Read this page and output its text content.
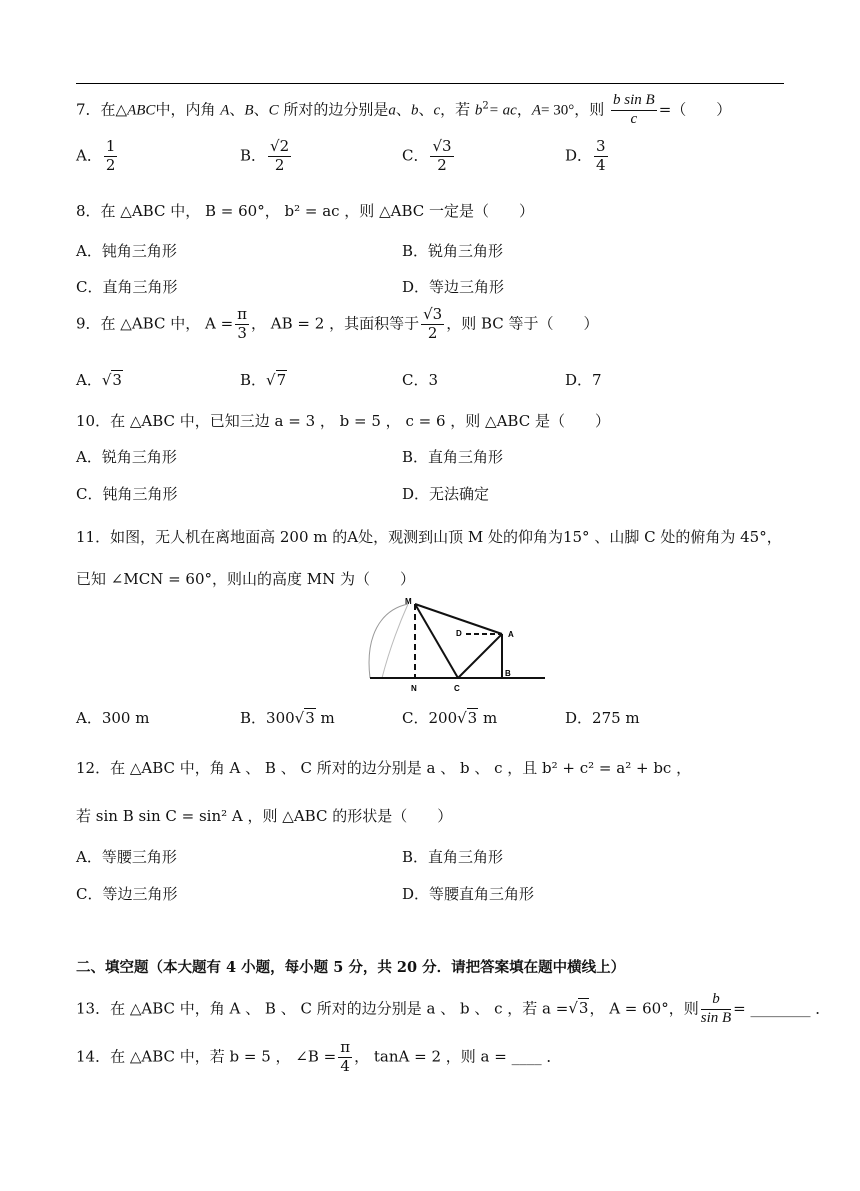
7．在△ABC中，内角 A、B、C 所对的边分别是a、b、c，若 $b^2=$ ac，A= 30°，则 $\frac{\text{b sin B}}{c}$ =（　　）
A． $\frac{1}{2}$	B． $\frac{√2}{2}$	C． $\frac{√3}{2}$	D． $\frac{3}{4}$
8．在 △ABC 中， B = 60°， b² = ac ，则 △ABC 一定是（　　）
A．钝角三角形	B．锐角三角形
C．直角三角形	D．等边三角形
9．在 △ABC 中， $A = \frac{\pi}{3}$ ， AB = 2 ，其面积等于 $\frac{√3}{2}$ ，则 BC 等于（　　）
A．√3	B．√7	C．3	D．7
10．在 △ABC 中，已知三边 a = 3 ， b = 5 ， c = 6 ，则 △ABC 是（　　）
A．锐角三角形	B．直角三角形
C．钝角三角形	D．无法确定
11．如图，无人机在离地面高 200 m 的A处，观测到山顶 M 处的仰角为15° 、山脚 C 处的俯角为 45°，
已知 ∠MCN = 60°，则山的高度 MN 为（　　）
M
D	A
N	C
B
A．300 m	B．300√3 m	C．200√3 m	D．275 m
12．在 △ABC 中，角 A 、 B 、 C 所对的边分别是 a 、 b 、 c ，且 b² + c² = a² + bc ，
若 sin B sin C = sin² A ，则 △ABC 的形状是（　　）
A．等腰三角形	B．直角三角形
C．等边三角形	D．等腰直角三角形
二、填空题（本大题有 4 小题，每小题 5 分，共 20 分．请把答案填在题中横线上）
13．在 △ABC 中，角 A 、 B 、 C 所对的边分别是 a 、 b 、 c ，若 a =√3， A = 60°，则 $\frac{b}{\text{sin B}}$ = ________ ．
14．在 △ABC 中，若 b = 5 ， ∠B = $\frac{\pi}{4}$ ， tanA = 2 ，则 a = ____ ．
